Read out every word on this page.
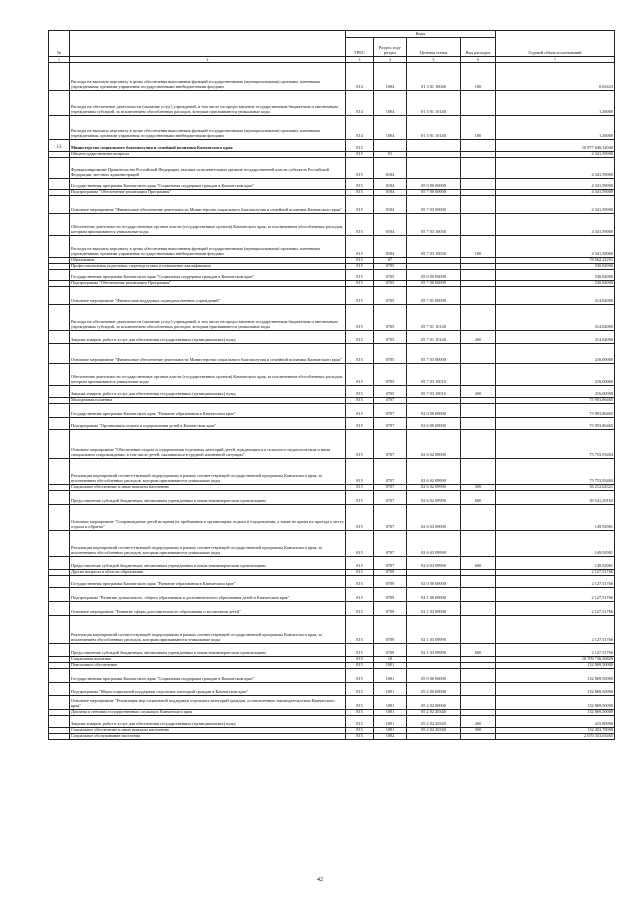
№		Коды				Годовой объем ассигнований
		ГРБС	Раздел, под-раздел	Целевая статья	Вид расходов	
1	2	3	4	5	6	7
	Расходы на выплаты персоналу в целях обеспечения выполнения функций государственными (муниципальными) органами, казенными учреждениями, органами управления государственными внебюджетными фондами	814	1004	01 3 01 10040	100	0,65423
	Расходы на обеспечение деятельности (оказание услуг) учреждений, в том числе на предоставление государственным бюджетным и автономным учреждениям субсидий, за исключением обособленных расходов, которым присваиваются уникальные коды	814	1004	01 3 01 10140		1,26000
	Расходы на выплаты персоналу в целях обеспечения выполнения функций государственными (муниципальными) органами, казенными учреждениями, органами управления государственными внебюджетными фондами	814	1004	01 3 01 10140	100	1,26000
13	Министерство социального благополучия и семейной политики Камчатского края	815				10 877 640,32040
	Общегосударственные вопросы	815	01			4 341,59000
	Функционирование Правительства Российской Федерации, высших исполнительных органов государственной власти субъектов Российской Федерации, местных администраций	815	0104			4 341,59000
	Государственная программа Камчатского края "Социальная поддержка граждан в Камчатском крае"	815	0104	05 0 00 00000		4 341,59000
	Подпрограмма "Обеспечение реализации Программы"	815	0104	05 7 00 00000		4 341,59000
	Основное мероприятие "Финансовое обеспечение деятельности Министерства социального благополучия и семейной политики Камчатского края"	815	0104	05 7 03 00000		4 341,59000
	Обеспечение деятельности государственных органов власти (государственных органов) Камчатского края, за исключением обособленных расходов, которым присваиваются уникальные коды	815	0104	05 7 03 10030		4 341,59000
	Расходы на выплаты персоналу в целях обеспечения выполнения функций государственными (муниципальными) органами, казенными учреждениями, органами управления государственными внебюджетными фондами	815	0104	05 7 03 10030	100	4 341,59000
	Образование	815	07			78 562,22291
	Профессиональная подготовка, переподготовка и повышение квалификации	815	0705			530,84000
	Государственная программа Камчатского края "Социальная поддержка граждан в Камчатском крае"	815	0705	05 0 00 00000		530,84000
	Подпрограмма "Обеспечение реализации Программы"	815	0705	05 7 00 00000		530,84000
	Основное мероприятие "Финансовая поддержка подведомственных учреждений"	815	0705	05 7 01 00000		314,84000
	Расходы на обеспечение деятельности (оказание услуг) учреждений, в том числе на предоставление государственным бюджетным и автономным учреждениям субсидий, за исключением обособленных расходов, которым присваиваются уникальные коды	815	0705	05 7 01 10140		314,84000
	Закупка товаров, работ и услуг для обеспечения государственных (муниципальных) нужд	815	0705	05 7 01 10140	200	314,84000
	Основное мероприятие "Финансовое обеспечение деятельности Министерства социального благополучия и семейной политики Камчатского края"	815	0705	05 7 03 00000		216,00000
	Обеспечение деятельности государственных органов власти (государственных органов) Камчатского края, за исключением обособленных расходов, которым присваиваются уникальные коды	815	0705	05 7 03 10010		216,00000
	Закупка товаров, работ и услуг для обеспечения государственных (муниципальных) нужд	815	0705	05 7 03 10010	200	216,00000
	Молодежная политика	815	0707			75 903,86465
	Государственная программа Камчатского края "Развитие образования в Камчатском крае"	815	0707	02 0 00 00000		75 903,86465
	Подпрограмма "Организация отдыха и оздоровления детей в Камчатском крае"	815	0707	02 6 00 00000		75 903,86465
	Основное мероприятие "Обеспечение отдыха и оздоровления отдельных категорий детей, нуждающихся в психолого-педагогическом и ином специальном сопровождении, в том числе детей, оказавшихся в трудной жизненной ситуации"	815	0707	02 6 02 00000		75 753,93484
	Реализация мероприятий соответствующей подпрограммы в рамках соответствующей государственной программы Камчатского края, за исключением обособленных расходов, которым присваиваются уникальные коды	815	0707	02 6 02 09990		75 753,93484
	Социальное обеспечение и иные выплаты населению	815	0707	02 6 02 09990	300	36 212,64321
	Предоставление субсидий бюджетным, автономным учреждениям и иным некоммерческим организациям	815	0707	02 6 02 09990	600	39 541,29163
	Основное мероприятие "Сопровождение детей во время их пребывания в организациях отдыха и оздоровления, а также во время их проезда к месту отдыха и обратно"	815	0707	02 6 03 00000		149,92981
	Реализация мероприятий соответствующей подпрограммы в рамках соответствующей государственной программы Камчатского края, за исключением обособленных расходов, которым присваиваются уникальные коды	815	0707	02 6 03 09990		149,92981
	Предоставление субсидий бюджетным, автономным учреждениям и иным некоммерческим организациям	815	0707	02 6 03 09990	600	149,92981
	Другие вопросы в области образования	815	0709			2 127,51766
	Государственная программа Камчатского края "Развитие образования в Камчатском крае"	815	0709	02 0 00 00000		2 127,51766
	Подпрограмма "Развитие дошкольного, общего образования и дополнительного образования детей в Камчатском крае"	815	0709	02 1 00 00000		2 127,51766
	Основное мероприятие "Развитие сферы дополнительного образования и воспитания детей"	815	0709	02 1 03 00000		2 127,51766
	Реализация мероприятий соответствующей подпрограммы в рамках соответствующей государственной программы Камчатского края, за исключением обособленных расходов, которым присваиваются уникальные коды	815	0709	02 1 03 09990		2 127,51766
	Предоставление субсидий бюджетным, автономным учреждениям и иным некоммерческим организациям	815	0709	02 1 03 09990	600	2 127,51766
	Социальная политика	815	10			10 709 736,50829
	Пенсионное обеспечение	815	1001			132 869,50000
	Государственная программа Камчатского края "Социальная поддержка граждан в Камчатском крае"	815	1001	05 0 00 00000		132 869,50000
	Подпрограмма "Меры социальной поддержки отдельных категорий граждан в Камчатском крае"	815	1001	05 2 00 00000		132 869,50000
	Основное мероприятие "Реализация мер социальной поддержки отдельных категорий граждан, установленных законодательством Камчатского края"	815	1001	05 2 02 00000		132 869,50000
	Доплаты к пенсиям государственных служащих Камчатского края	815	1001	05 2 02 20340		132 869,50000
	Закупка товаров, работ и услуг для обеспечения государственных (муниципальных) нужд	815	1001	05 2 02 20340	200	415,80000
	Социальное обеспечение и иные выплаты населению	815	1001	05 2 02 20340	300	132 453,70000
	Социальное обслуживание населения	815	1002			2 670 353,63465
42
